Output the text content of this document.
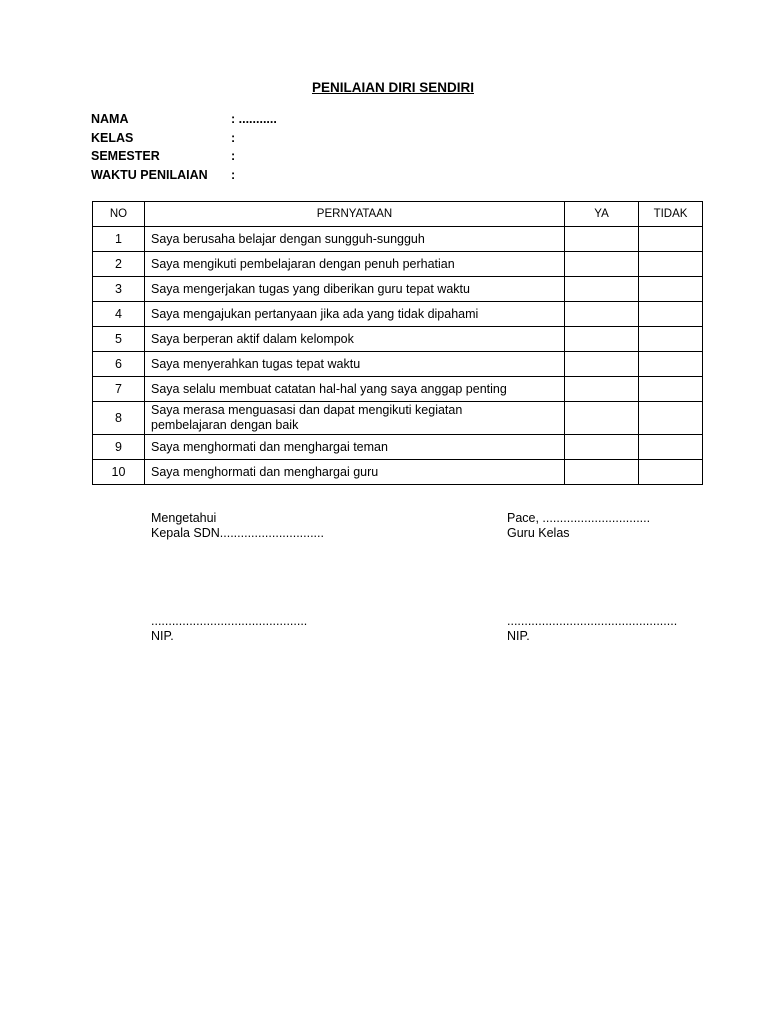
PENILAIAN DIRI SENDIRI
NAMA	: ...........
KELAS	:
SEMESTER	:
WAKTU PENILAIAN :
NO	PERNYATAAN	YA	TIDAK
1	Saya berusaha belajar dengan sungguh-sungguh		
2	Saya mengikuti pembelajaran dengan penuh perhatian		
3	Saya mengerjakan tugas yang diberikan guru tepat waktu		
4	Saya mengajukan pertanyaan jika ada yang tidak dipahami		
5	Saya berperan aktif dalam kelompok		
6	Saya menyerahkan tugas tepat waktu		
7	Saya selalu membuat catatan hal-hal yang saya anggap penting		
8	Saya merasa menguasasi dan dapat mengikuti kegiatan pembelajaran dengan baik		
9	Saya menghormati dan menghargai teman		
10	Saya menghormati dan menghargai guru		
Mengetahui
Kepala SDN..............................
Pace, ...............................
Guru Kelas
.............................................
NIP.
.................................................
NIP.
